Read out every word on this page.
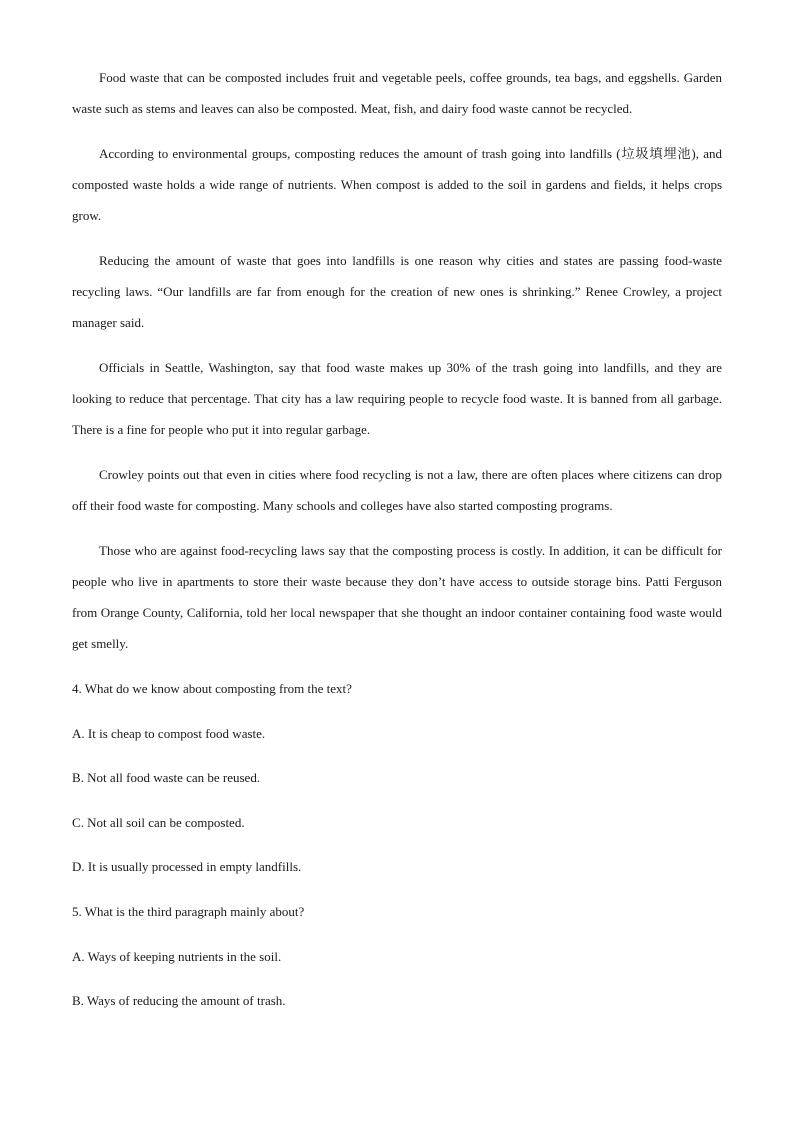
Food waste that can be composted includes fruit and vegetable peels, coffee grounds, tea bags, and eggshells. Garden waste such as stems and leaves can also be composted. Meat, fish, and dairy food waste cannot be recycled.

According to environmental groups, composting reduces the amount of trash going into landfills (垃圾填埋池), and composted waste holds a wide range of nutrients. When compost is added to the soil in gardens and fields, it helps crops grow.

Reducing the amount of waste that goes into landfills is one reason why cities and states are passing food-waste recycling laws. “Our landfills are far from enough for the creation of new ones is shrinking.” Renee Crowley, a project manager said.

Officials in Seattle, Washington, say that food waste makes up 30% of the trash going into landfills, and they are looking to reduce that percentage. That city has a law requiring people to recycle food waste. It is banned from all garbage. There is a fine for people who put it into regular garbage.

Crowley points out that even in cities where food recycling is not a law, there are often places where citizens can drop off their food waste for composting. Many schools and colleges have also started composting programs.

Those who are against food-recycling laws say that the composting process is costly. In addition, it can be difficult for people who live in apartments to store their waste because they don’t have access to outside storage bins. Patti Ferguson from Orange County, California, told her local newspaper that she thought an indoor container containing food waste would get smelly.

4. What do we know about composting from the text?
A. It is cheap to compost food waste.
B. Not all food waste can be reused.
C. Not all soil can be composted.
D. It is usually processed in empty landfills.
5. What is the third paragraph mainly about?
A. Ways of keeping nutrients in the soil.
B. Ways of reducing the amount of trash.
